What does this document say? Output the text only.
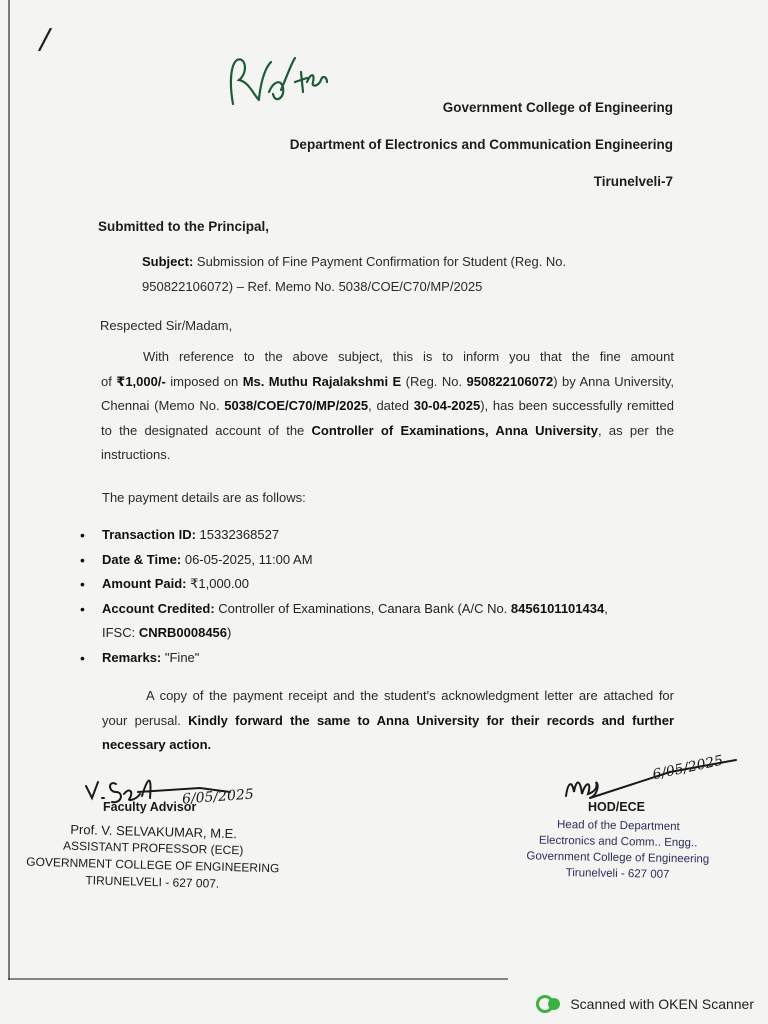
/
Government College of Engineering
Department of Electronics and Communication Engineering
Tirunelveli-7
Submitted to the Principal,
Subject: Submission of Fine Payment Confirmation for Student (Reg. No.
950822106072) – Ref. Memo No. 5038/COE/C70/MP/2025
Respected Sir/Madam,
With reference to the above subject, this is to inform you that the fine amount
of ₹1,000/- imposed on Ms. Muthu Rajalakshmi E (Reg. No. 950822106072) by Anna University, Chennai (Memo No. 5038/COE/C70/MP/2025, dated 30-04-2025), has been successfully remitted to the designated account of the Controller of Examinations, Anna University, as per the instructions.
The payment details are as follows:
• Transaction ID: 15332368527
• Date & Time: 06-05-2025, 11:00 AM
• Amount Paid: ₹1,000.00
• Account Credited: Controller of Examinations, Canara Bank (A/C No. 8456101101434,
IFSC: CNRB0008456)
• Remarks: "Fine"
A copy of the payment receipt and the student's acknowledgment letter are attached for your perusal. Kindly forward the same to Anna University for their records and further necessary action.
6/05/2025
Faculty Advisor
Prof. V. SELVAKUMAR, M.E.
ASSISTANT PROFESSOR (ECE)
GOVERNMENT COLLEGE OF ENGINEERING
TIRUNELVELI - 627 007.
6/05/2025
HOD/ECE
Head of the Department
Electronics and Comm.. Engg..
Government College of Engineering
Tirunelveli - 627 007
Scanned with OKEN Scanner
